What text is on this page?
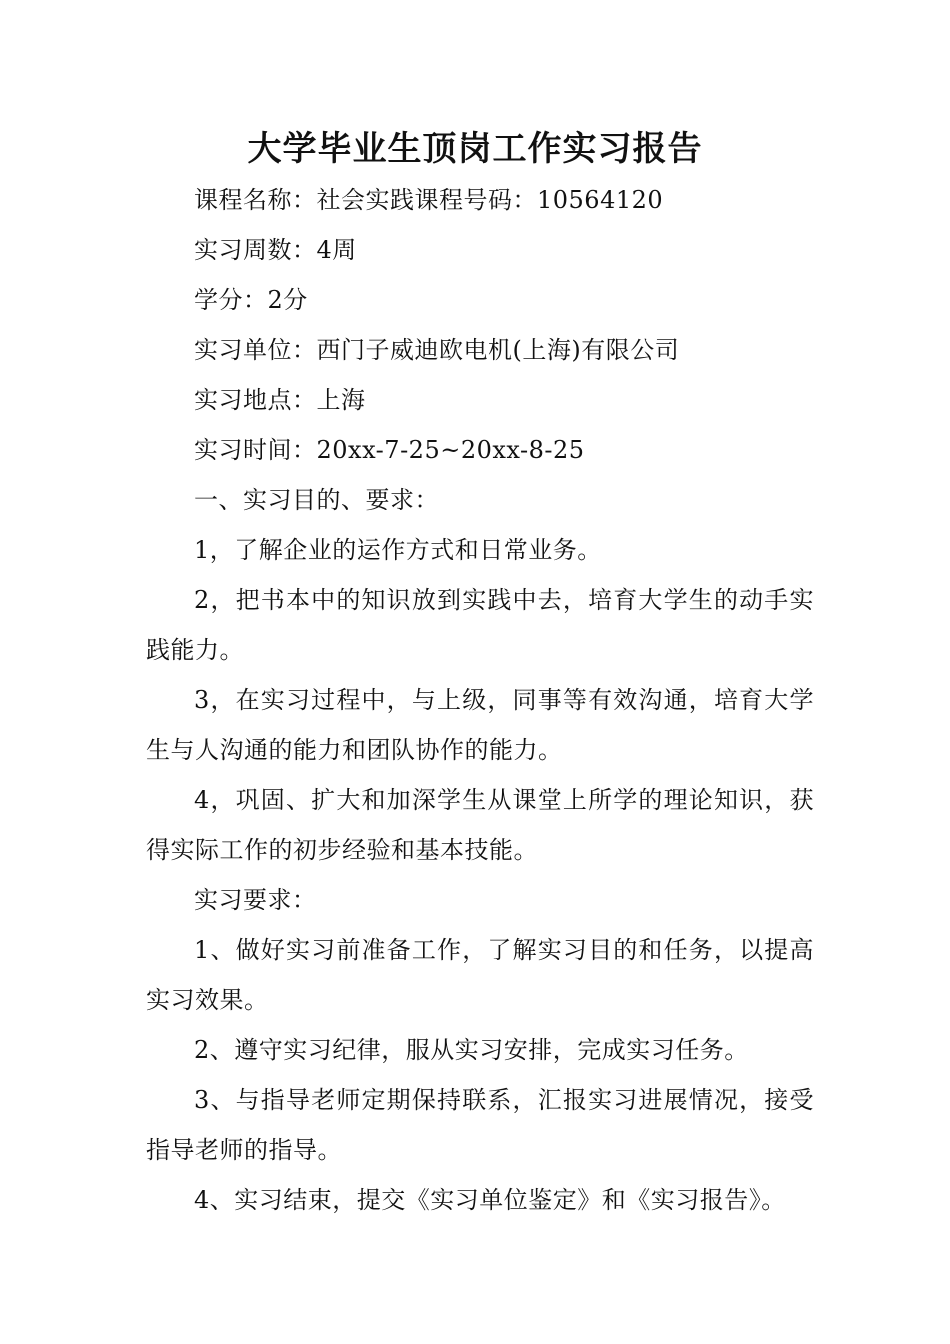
大学毕业生顶岗工作实习报告

课程名称：社会实践课程号码：10564120

实习周数：4周

学分：2分

实习单位：西门子威迪欧电机(上海)有限公司

实习地点：上海

实习时间：20xx-7-25~20xx-8-25

一、实习目的、要求：

1，了解企业的运作方式和日常业务。

2，把书本中的知识放到实践中去，培育大学生的动手实践能力。

3，在实习过程中，与上级，同事等有效沟通，培育大学生与人沟通的能力和团队协作的能力。

4，巩固、扩大和加深学生从课堂上所学的理论知识，获得实际工作的初步经验和基本技能。

实习要求：

1、做好实习前准备工作，了解实习目的和任务，以提高实习效果。

2、遵守实习纪律，服从实习安排，完成实习任务。

3、与指导老师定期保持联系，汇报实习进展情况，接受指导老师的指导。

4、实习结束，提交《实习单位鉴定》和《实习报告》。
